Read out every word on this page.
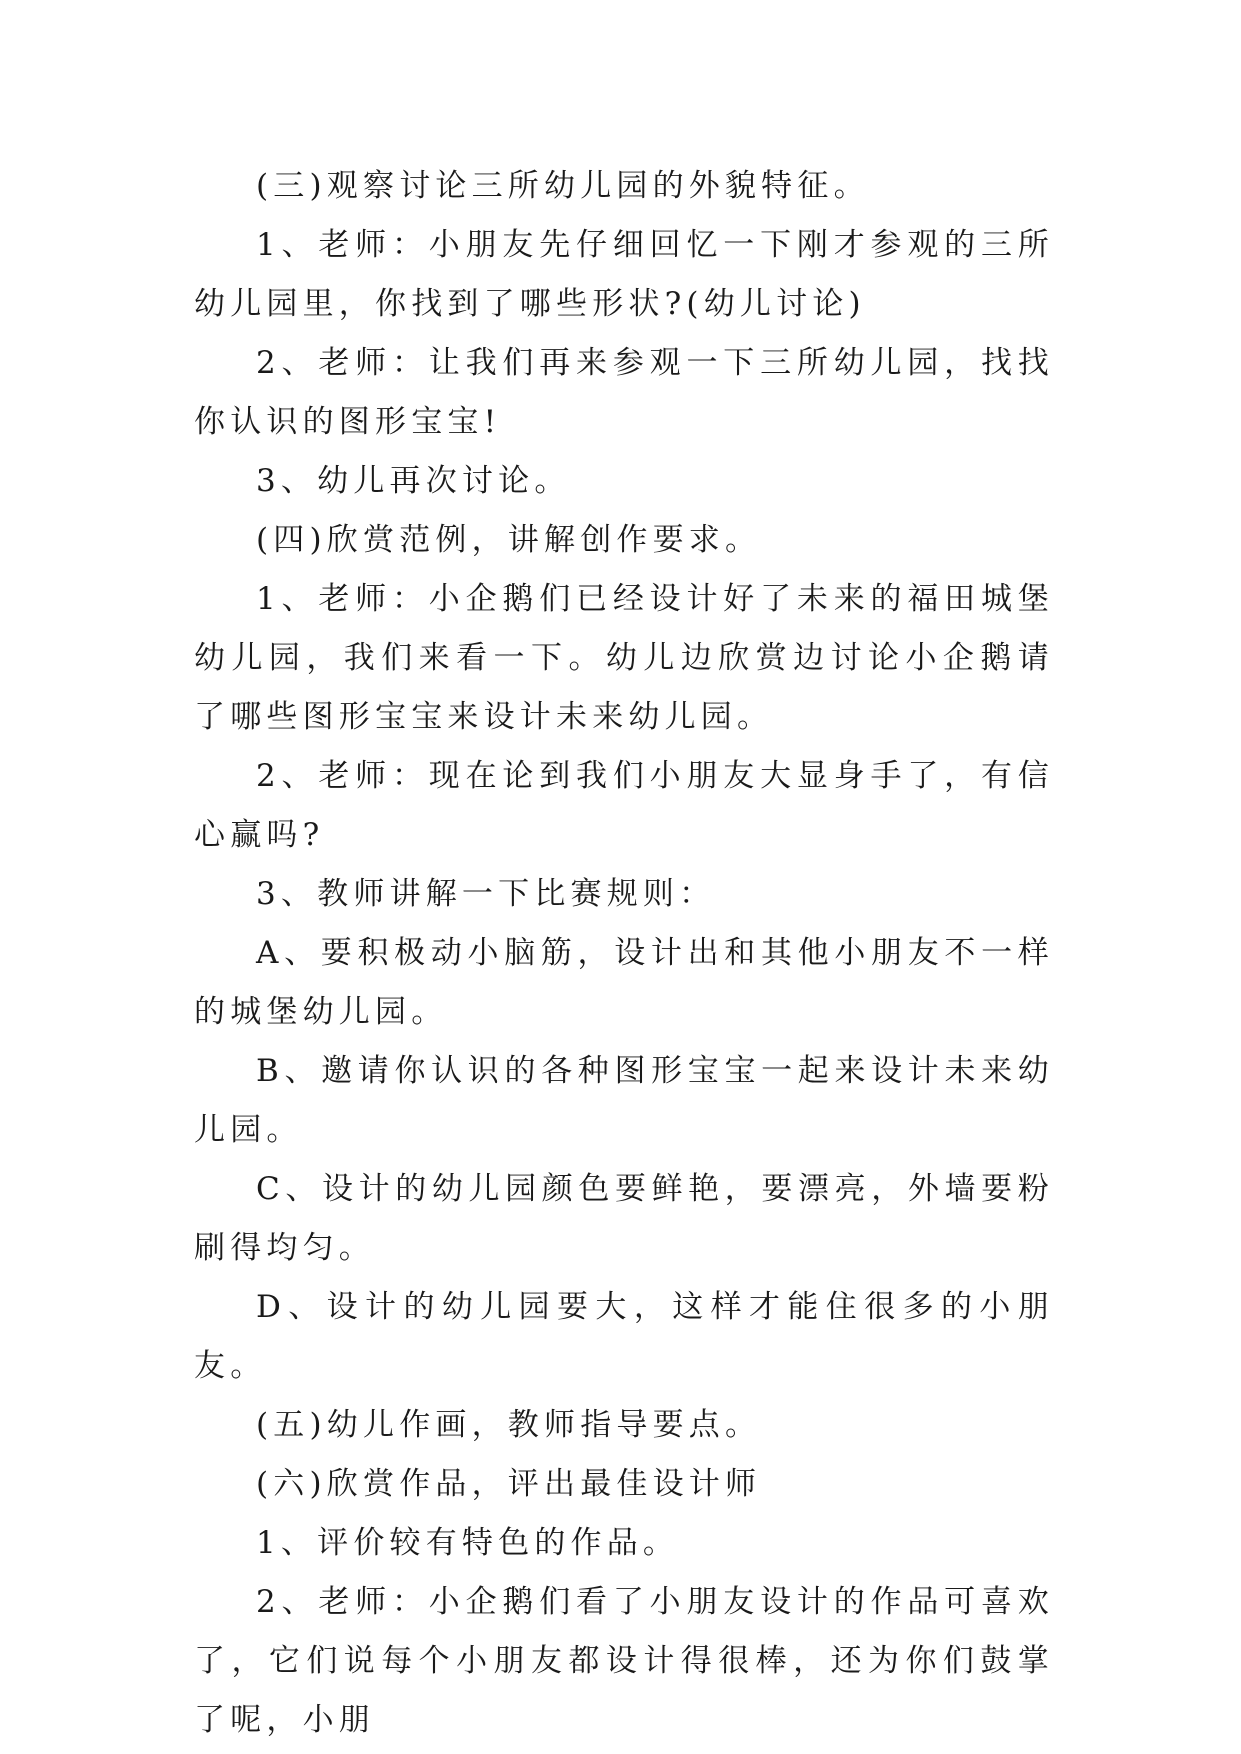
(三)观察讨论三所幼儿园的外貌特征。

1、老师：小朋友先仔细回忆一下刚才参观的三所幼儿园里，你找到了哪些形状?(幼儿讨论)

2、老师：让我们再来参观一下三所幼儿园，找找你认识的图形宝宝!

3、幼儿再次讨论。

(四)欣赏范例，讲解创作要求。

1、老师：小企鹅们已经设计好了未来的福田城堡幼儿园，我们来看一下。幼儿边欣赏边讨论小企鹅请了哪些图形宝宝来设计未来幼儿园。

2、老师：现在论到我们小朋友大显身手了，有信心赢吗?

3、教师讲解一下比赛规则：

A、要积极动小脑筋，设计出和其他小朋友不一样的城堡幼儿园。

B、邀请你认识的各种图形宝宝一起来设计未来幼儿园。

C、设计的幼儿园颜色要鲜艳，要漂亮，外墙要粉刷得均匀。

D、设计的幼儿园要大，这样才能住很多的小朋友。

(五)幼儿作画，教师指导要点。

(六)欣赏作品，评出最佳设计师

1、评价较有特色的作品。

2、老师：小企鹅们看了小朋友设计的作品可喜欢了，它们说每个小朋友都设计得很棒，还为你们鼓掌了呢，小朋
